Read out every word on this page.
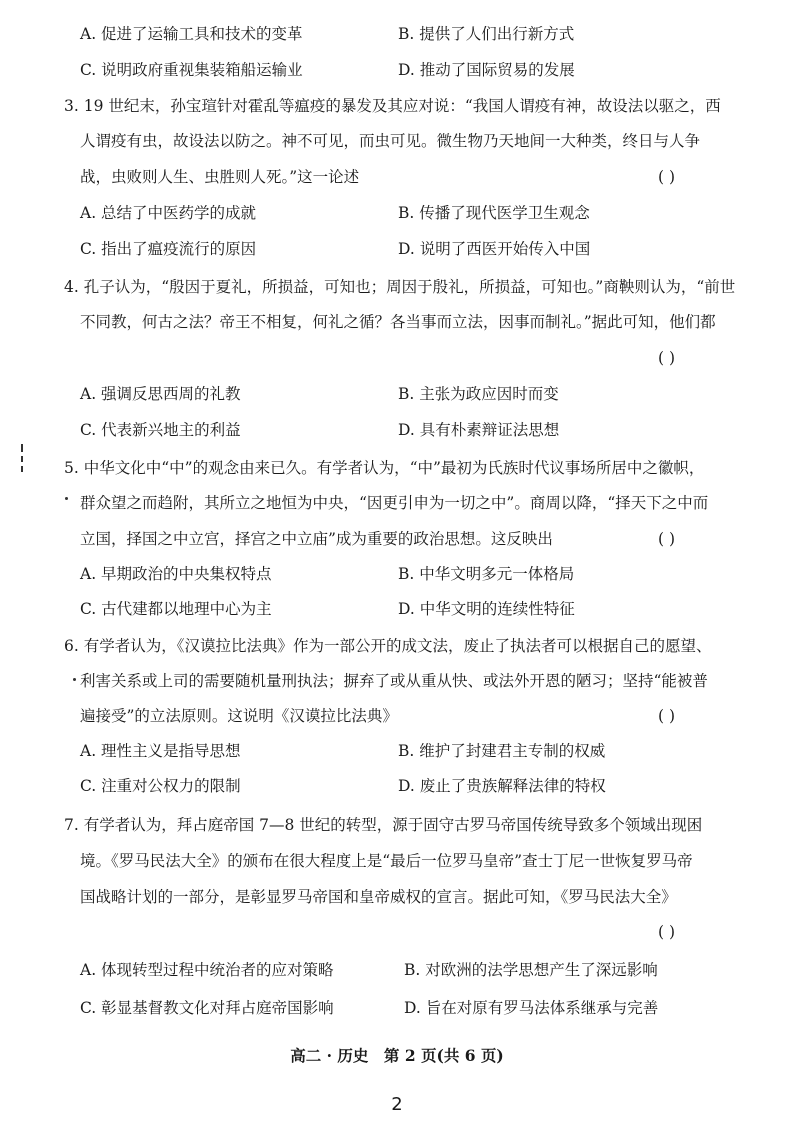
A. 促进了运输工具和技术的变革	B. 提供了人们出行新方式
C. 说明政府重视集装箱船运输业	D. 推动了国际贸易的发展
3. 19 世纪末，孙宝瑄针对霍乱等瘟疫的暴发及其应对说：“我国人谓疫有神，故设法以驱之，西
人谓疫有虫，故设法以防之。神不可见，而虫可见。微生物乃天地间一大种类，终日与人争
战，虫败则人生、虫胜则人死。”这一论述	( )
A. 总结了中医药学的成就	B. 传播了现代医学卫生观念
C. 指出了瘟疫流行的原因	D. 说明了西医开始传入中国
4. 孔子认为，“殷因于夏礼，所损益，可知也；周因于殷礼，所损益，可知也。”商鞅则认为，“前世
不同教，何古之法？帝王不相复，何礼之循？各当事而立法，因事而制礼。”据此可知，他们都
( )
A. 强调反思西周的礼教	B. 主张为政应因时而变
C. 代表新兴地主的利益	D. 具有朴素辩证法思想
5. 中华文化中“中”的观念由来已久。有学者认为，“中”最初为氏族时代议事场所居中之徽帜，
群众望之而趋附，其所立之地恒为中央，“因更引申为一切之中”。商周以降，“择天下之中而
立国，择国之中立宫，择宫之中立庙”成为重要的政治思想。这反映出	( )
A. 早期政治的中央集权特点	B. 中华文明多元一体格局
C. 古代建都以地理中心为主	D. 中华文明的连续性特征
6. 有学者认为，《汉谟拉比法典》作为一部公开的成文法，废止了执法者可以根据自己的愿望、
利害关系或上司的需要随机量刑执法；摒弃了或从重从快、或法外开恩的陋习；坚持“能被普
遍接受”的立法原则。这说明《汉谟拉比法典》	( )
A. 理性主义是指导思想	B. 维护了封建君主专制的权威
C. 注重对公权力的限制	D. 废止了贵族解释法律的特权
7. 有学者认为，拜占庭帝国 7—8 世纪的转型，源于固守古罗马帝国传统导致多个领域出现困
境。《罗马民法大全》的颁布在很大程度上是“最后一位罗马皇帝”查士丁尼一世恢复罗马帝
国战略计划的一部分，是彰显罗马帝国和皇帝威权的宣言。据此可知，《罗马民法大全》
( )
A. 体现转型过程中统治者的应对策略	B. 对欧洲的法学思想产生了深远影响
C. 彰显基督教文化对拜占庭帝国影响	D. 旨在对原有罗马法体系继承与完善
高二 · 历史　第 2 页(共 6 页)
2
